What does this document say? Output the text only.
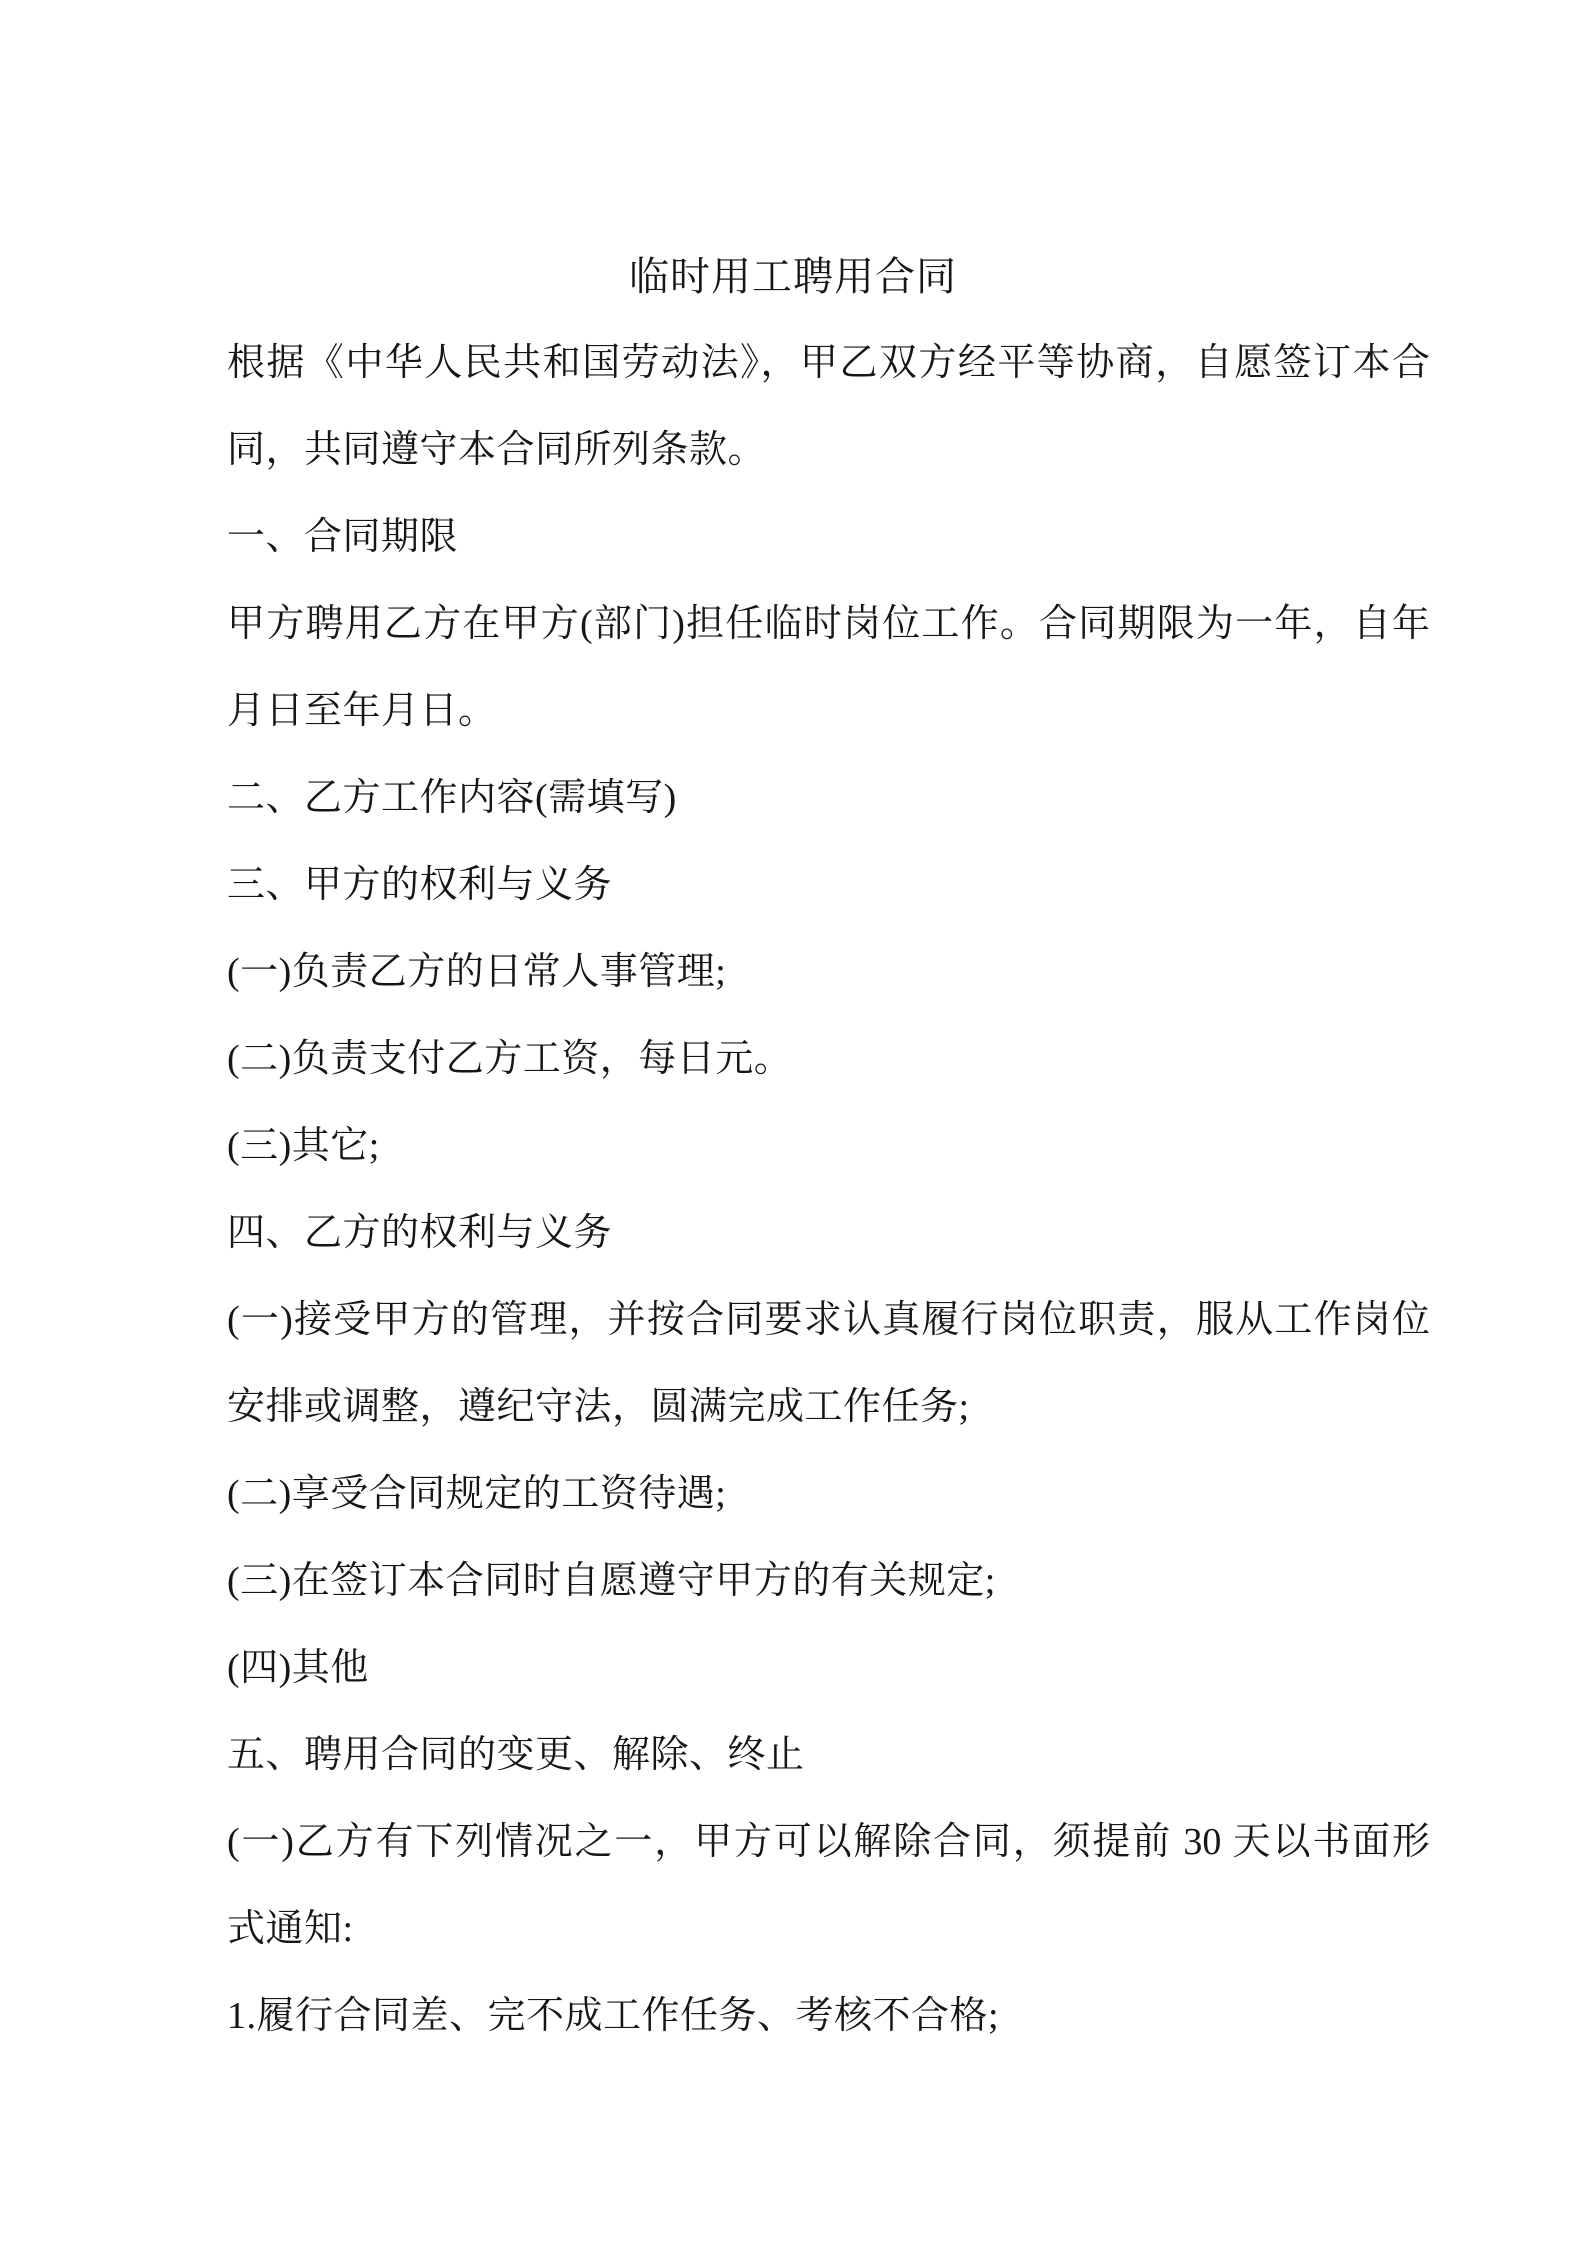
临时用工聘用合同
根据《中华人民共和国劳动法》，甲乙双方经平等协商，自愿签订本合
同，共同遵守本合同所列条款。
一、合同期限
甲方聘用乙方在甲方(部门)担任临时岗位工作。合同期限为一年，自年
月日至年月日。
二、乙方工作内容(需填写)
三、甲方的权利与义务
(一)负责乙方的日常人事管理;
(二)负责支付乙方工资，每日元。
(三)其它;
四、乙方的权利与义务
(一)接受甲方的管理，并按合同要求认真履行岗位职责，服从工作岗位
安排或调整，遵纪守法，圆满完成工作任务;
(二)享受合同规定的工资待遇;
(三)在签订本合同时自愿遵守甲方的有关规定;
(四)其他
五、聘用合同的变更、解除、终止
(一)乙方有下列情况之一，甲方可以解除合同，须提前 30 天以书面形
式通知:
1.履行合同差、完不成工作任务、考核不合格;
